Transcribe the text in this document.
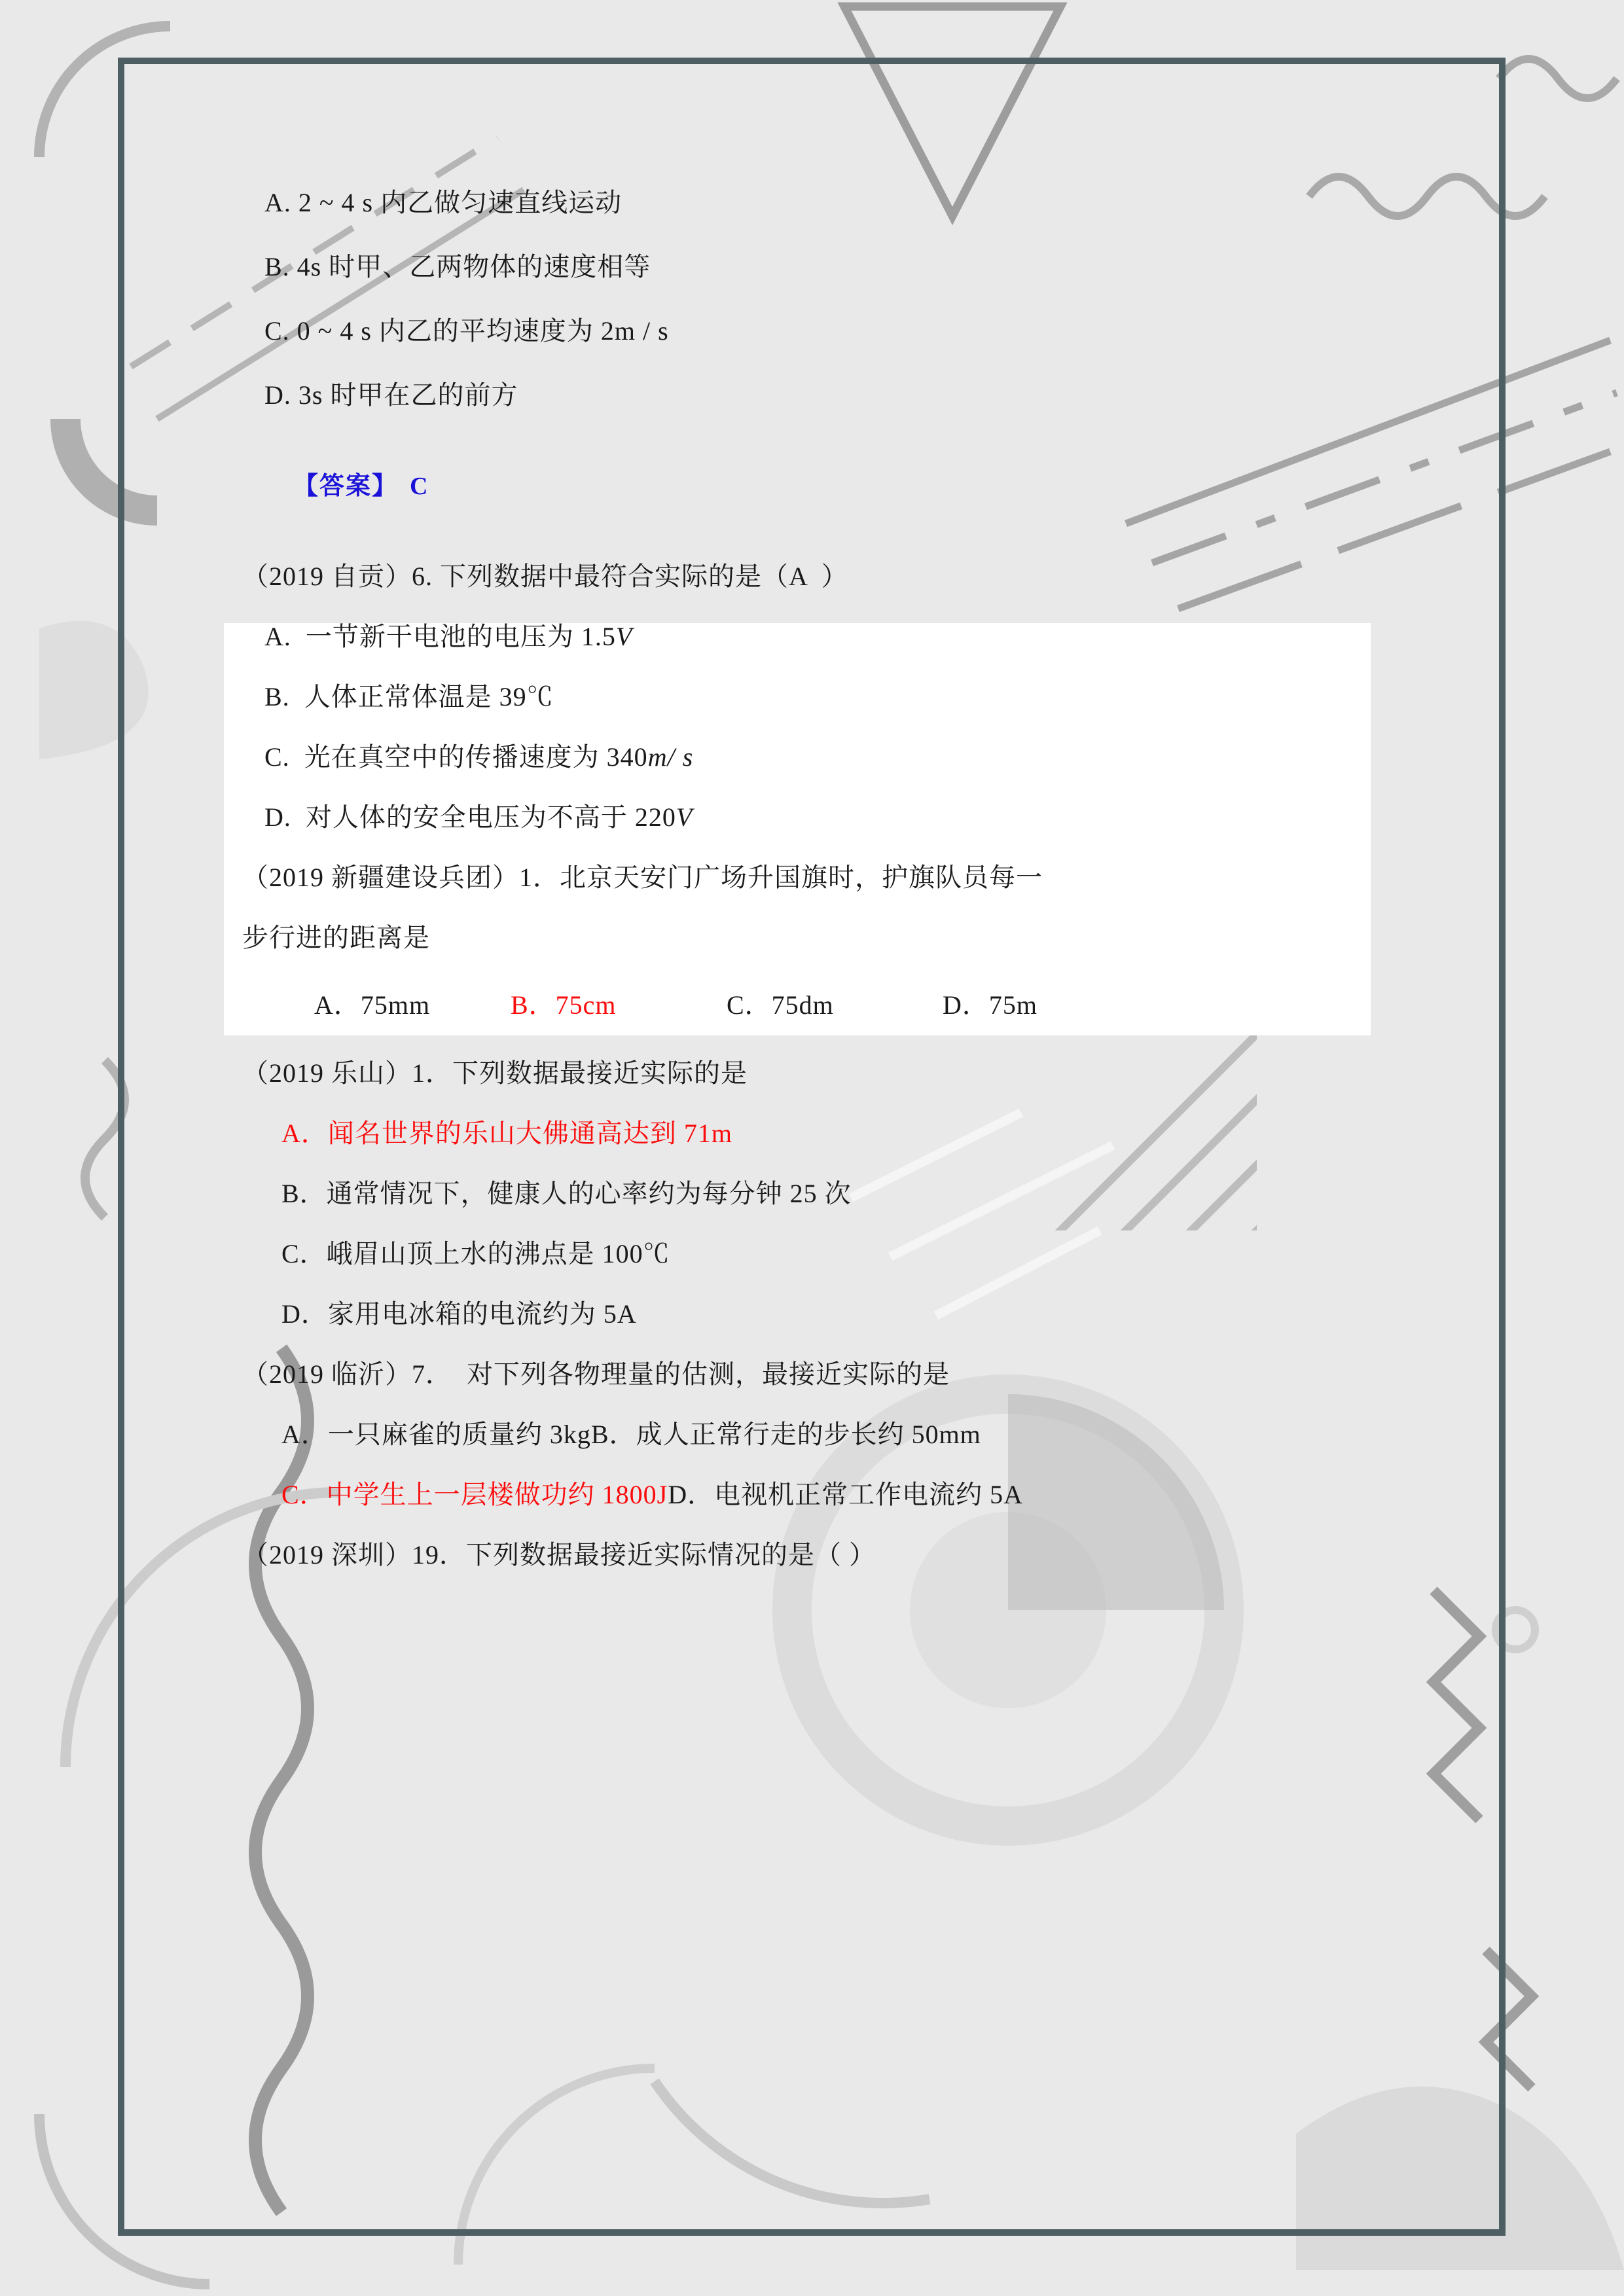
A. 2 ~ 4 s 内乙做匀速直线运动
B. 4s 时甲、乙两物体的速度相等
C. 0 ~ 4 s 内乙的平均速度为 2m / s
D. 3s 时甲在乙的前方

【答案】 C

（2019 自贡）6. 下列数据中最符合实际的是（A  ）
A. 一节新干电池的电压为 1.5V
B. 人体正常体温是 39℃
C. 光在真空中的传播速度为 340m/ s
D. 对人体的安全电压为不高于 220V
（2019 新疆建设兵团）1．北京天安门广场升国旗时，护旗队员每一
步行进的距离是
A．75mm	B．75cm	C．75dm	D．75m
（2019 乐山）1．下列数据最接近实际的是
A．闻名世界的乐山大佛通高达到 71m
B．通常情况下，健康人的心率约为每分钟 25 次
C．峨眉山顶上水的沸点是 100℃
D．家用电冰箱的电流约为 5A
（2019 临沂）7．  对下列各物理量的估测，最接近实际的是
A．一只麻雀的质量约 3kgB．成人正常行走的步长约 50mm
C．中学生上一层楼做功约 1800JD．电视机正常工作电流约 5A
（2019 深圳）19．下列数据最接近实际情况的是（ ）
